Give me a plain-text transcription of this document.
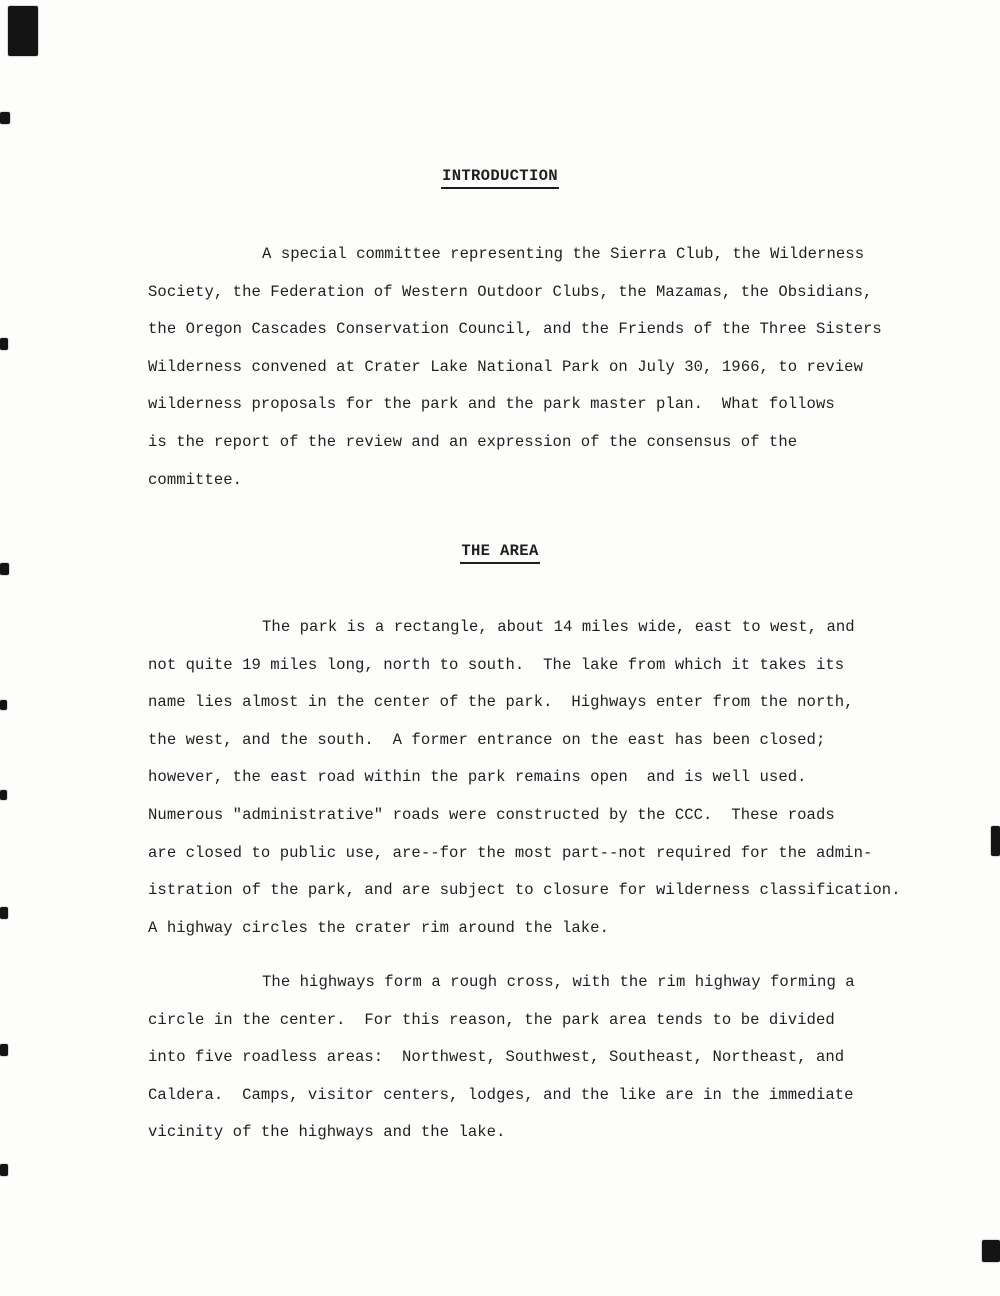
INTRODUCTION
A special committee representing the Sierra Club, the Wilderness
Society, the Federation of Western Outdoor Clubs, the Mazamas, the Obsidians,
the Oregon Cascades Conservation Council, and the Friends of the Three Sisters
Wilderness convened at Crater Lake National Park on July 30, 1966, to review
wilderness proposals for the park and the park master plan.  What follows
is the report of the review and an expression of the consensus of the
committee.
THE AREA
The park is a rectangle, about 14 miles wide, east to west, and
not quite 19 miles long, north to south.  The lake from which it takes its
name lies almost in the center of the park.  Highways enter from the north,
the west, and the south.  A former entrance on the east has been closed;
however, the east road within the park remains open  and is well used.
Numerous "administrative" roads were constructed by the CCC.  These roads
are closed to public use, are--for the most part--not required for the admin-
istration of the park, and are subject to closure for wilderness classification.
A highway circles the crater rim around the lake.
The highways form a rough cross, with the rim highway forming a
circle in the center.  For this reason, the park area tends to be divided
into five roadless areas:  Northwest, Southwest, Southeast, Northeast, and
Caldera.  Camps, visitor centers, lodges, and the like are in the immediate
vicinity of the highways and the lake.
